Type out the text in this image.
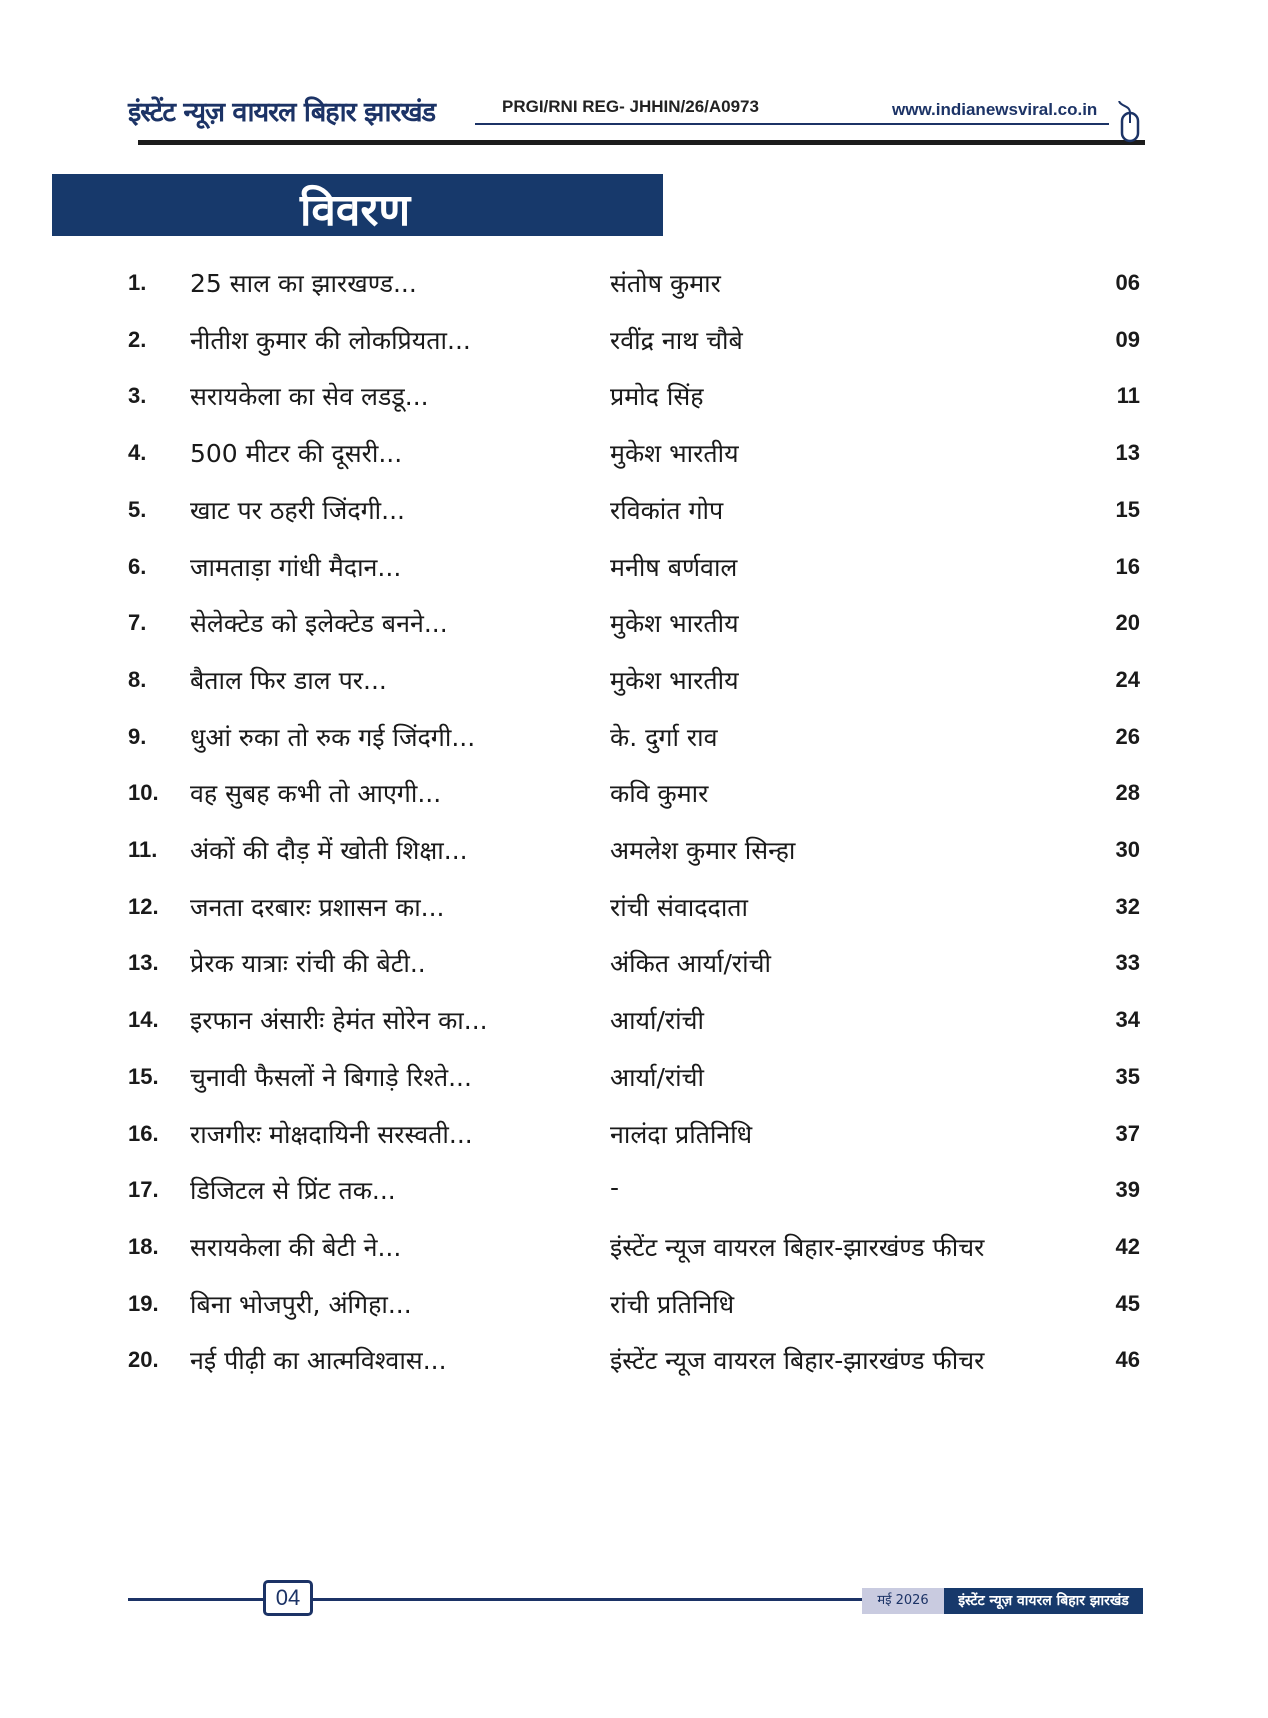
इंस्टेंट न्यूज़ वायरल बिहार झारखंड	PRGI/RNI REG- JHHIN/26/A0973	www.indianewsviral.co.in
विवरण
1. 25 साल का झारखण्ड...	संतोष कुमार	06
2. नीतीश कुमार की लोकप्रियता...	रवींद्र नाथ चौबे	09
3. सरायकेला का सेव लडडू...	प्रमोद सिंह	11
4. 500 मीटर की दूसरी...	मुकेश भारतीय	13
5. खाट पर ठहरी जिंदगी...	रविकांत गोप	15
6. जामताड़ा गांधी मैदान...	मनीष बर्णवाल	16
7. सेलेक्टेड को इलेक्टेड बनने...	मुकेश भारतीय	20
8. बैताल फिर डाल पर...	मुकेश भारतीय	24
9. धुआं रुका तो रुक गई जिंदगी...	के. दुर्गा राव	26
10. वह सुबह कभी तो आएगी...	कवि कुमार	28
11. अंकों की दौड़ में खोती शिक्षा...	अमलेश कुमार सिन्हा	30
12. जनता दरबारः प्रशासन का...	रांची संवाददाता	32
13. प्रेरक यात्राः रांची की बेटी..	अंकित आर्या/रांची	33
14. इरफान अंसारीः हेमंत सोरेन का...	आर्या/रांची	34
15. चुनावी फैसलों ने बिगाड़े रिश्ते...	आर्या/रांची	35
16. राजगीरः मोक्षदायिनी सरस्वती...	नालंदा प्रतिनिधि	37
17. डिजिटल से प्रिंट तक...	-	39
18. सरायकेला की बेटी ने...	इंस्टेंट न्यूज वायरल बिहार-झारखंण्ड फीचर	42
19. बिना भोजपुरी, अंगिहा...	रांची प्रतिनिधि	45
20. नई पीढ़ी का आत्मविश्वास...	इंस्टेंट न्यूज वायरल बिहार-झारखंण्ड फीचर	46
04	मई 2026	इंस्टेंट न्यूज़ वायरल बिहार झारखंड
